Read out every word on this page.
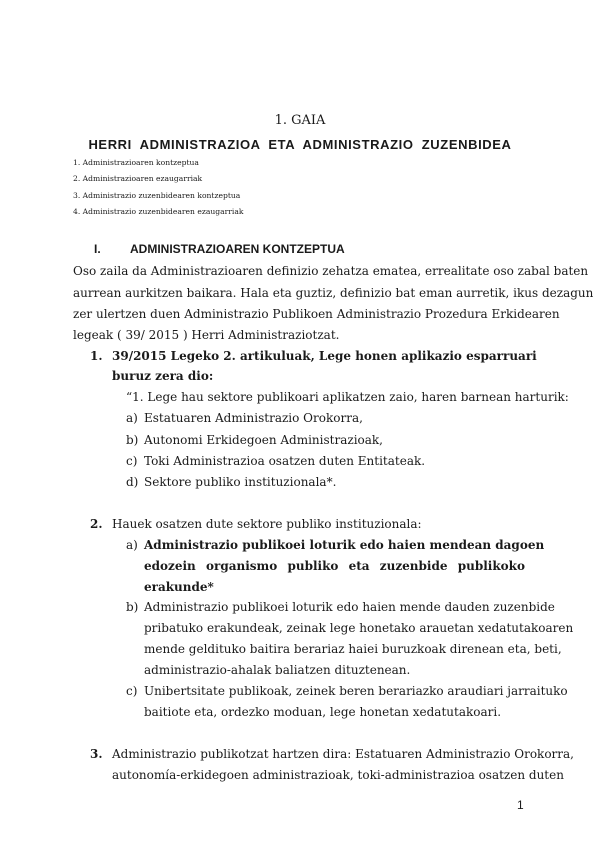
1. GAIA
HERRI ADMINISTRAZIOA ETA ADMINISTRAZIO ZUZENBIDEA
1. Administrazioaren kontzeptua
2. Administrazioaren ezaugarriak
3. Administrazio zuzenbidearen kontzeptua
4. Administrazio zuzenbidearen ezaugarriak
I. ADMINISTRAZIOAREN KONTZEPTUA
Oso zaila da Administrazioaren definizio zehatza ematea, errealitate oso zabal baten
aurrean aurkitzen baikara. Hala eta guztiz, definizio bat eman aurretik, ikus dezagun
zer ulertzen duen Administrazio Publikoen Administrazio Prozedura Erkidearen
legeak ( 39/ 2015 ) Herri Administraziotzat.
1. 39/2015 Legeko 2. artikuluak, Lege honen aplikazio esparruari
buruz zera dio:
“1. Lege hau sektore publikoari aplikatzen zaio, haren barnean harturik:
a) Estatuaren Administrazio Orokorra,
b) Autonomi Erkidegoen Administrazioak,
c) Toki Administrazioa osatzen duten Entitateak.
d) Sektore publiko instituzionala*.
2. Hauek osatzen dute sektore publiko instituzionala:
a) Administrazio publikoei loturik edo haien mendean dagoen
edozein organismo publiko eta zuzenbide publikoko
erakunde*
b) Administrazio publikoei loturik edo haien mende dauden zuzenbide
pribatuko erakundeak, zeinak lege honetako arauetan xedatutakoaren
mende geldituko baitira berariaz haiei buruzkoak direnean eta, beti,
administrazio-ahalak baliatzen dituztenean.
c) Unibertsitate publikoak, zeinek beren berariazko araudiari jarraituko
baitiote eta, ordezko moduan, lege honetan xedatutakoari.
3. Administrazio publikotzat hartzen dira: Estatuaren Administrazio Orokorra,
autonomía-erkidegoen administrazioak, toki-administrazioa osatzen duten
1
